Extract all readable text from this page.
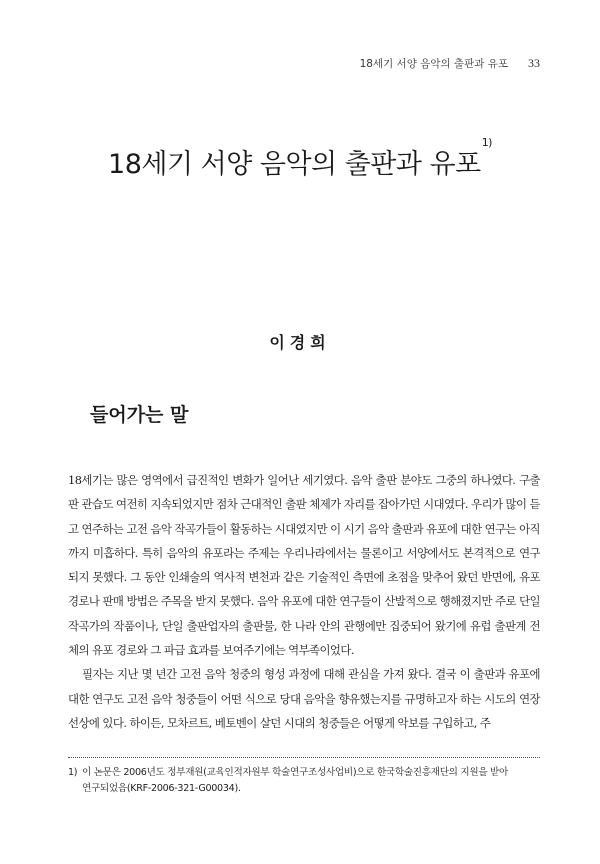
18세기 서양 음악의 출판과 유포 33
18세기 서양 음악의 출판과 유포$^{1)}$
이경희
들어가는 말

18세기는 많은 영역에서 급진적인 변화가 일어난 세기였다. 음악 출판 분야도 그중의 하나였다. 구출판 관습도 여전히 지속되었지만 점차 근대적인 출판 체제가 자리를 잡아가던 시대였다. 우리가 많이 듣고 연주하는 고전 음악 작곡가들이 활동하는 시대였지만 이 시기 음악 출판과 유포에 대한 연구는 아직까지 미흡하다. 특히 음악의 유포라는 주제는 우리나라에서는 물론이고 서양에서도 본격적으로 연구되지 못했다. 그 동안 인쇄술의 역사적 변천과 같은 기술적인 측면에 초점을 맞추어 왔던 반면에, 유포 경로나 판매 방법은 주목을 받지 못했다. 음악 유포에 대한 연구들이 산발적으로 행해졌지만 주로 단일 작곡가의 작품이나, 단일 출판업자의 출판물, 한 나라 안의 관행에만 집중되어 왔기에 유럽 출판계 전체의 유포 경로와 그 파급 효과를 보여주기에는 역부족이었다.

필자는 지난 몇 년간 고전 음악 청중의 형성 과정에 대해 관심을 가져 왔다. 결국 이 출판과 유포에 대한 연구도 고전 음악 청중들이 어떤 식으로 당대 음악을 향유했는지를 규명하고자 하는 시도의 연장선상에 있다. 하이든, 모차르트, 베토벤이 살던 시대의 청중들은 어떻게 악보를 구입하고, 주

1) 이 논문은 2006년도 정부재원(교육인적자원부 학술연구조성사업비)으로 한국학술진흥재단의 지원을 받아
연구되었음(KRF-2006-321-G00034).
